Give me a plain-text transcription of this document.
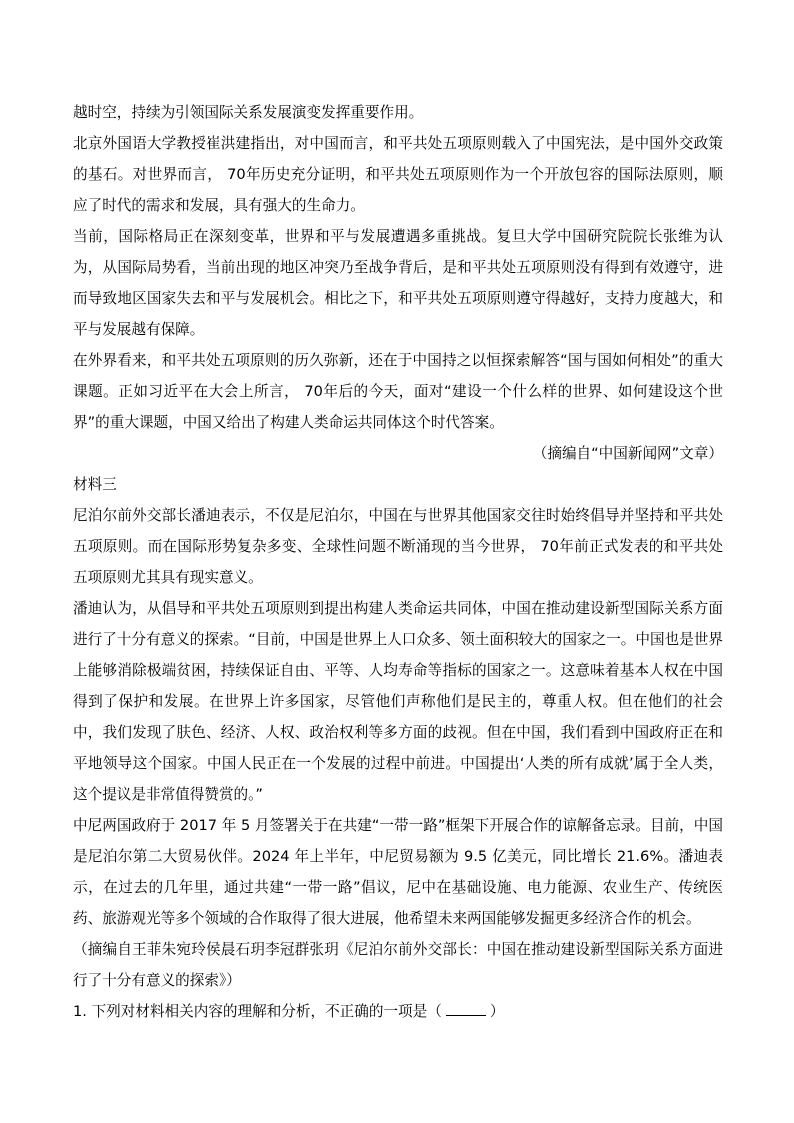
越时空，持续为引领国际关系发展演变发挥重要作用。

北京外国语大学教授崔洪建指出，对中国而言，和平共处五项原则载入了中国宪法，是中国外交政策的基石。对世界而言， 70年历史充分证明，和平共处五项原则作为一个开放包容的国际法原则，顺应了时代的需求和发展，具有强大的生命力。

当前，国际格局正在深刻变革，世界和平与发展遭遇多重挑战。复旦大学中国研究院院长张维为认为，从国际局势看，当前出现的地区冲突乃至战争背后，是和平共处五项原则没有得到有效遵守，进而导致地区国家失去和平与发展机会。相比之下，和平共处五项原则遵守得越好，支持力度越大，和平与发展越有保障。

在外界看来，和平共处五项原则的历久弥新，还在于中国持之以恒探索解答“国与国如何相处”的重大课题。正如习近平在大会上所言， 70年后的今天，面对“建设一个什么样的世界、如何建设这个世界”的重大课题，中国又给出了构建人类命运共同体这个时代答案。

（摘编自“中国新闻网”文章）

材料三

尼泊尔前外交部长潘迪表示，不仅是尼泊尔，中国在与世界其他国家交往时始终倡导并坚持和平共处五项原则。而在国际形势复杂多变、全球性问题不断涌现的当今世界， 70年前正式发表的和平共处五项原则尤其具有现实意义。

潘迪认为，从倡导和平共处五项原则到提出构建人类命运共同体，中国在推动建设新型国际关系方面进行了十分有意义的探索。“目前，中国是世界上人口众多、领土面积较大的国家之一。中国也是世界上能够消除极端贫困，持续保证自由、平等、人均寿命等指标的国家之一。这意味着基本人权在中国得到了保护和发展。在世界上许多国家，尽管他们声称他们是民主的，尊重人权。但在他们的社会中，我们发现了肤色、经济、人权、政治权利等多方面的歧视。但在中国，我们看到中国政府正在和平地领导这个国家。中国人民正在一个发展的过程中前进。中国提出‘人类的所有成就’属于全人类，这个提议是非常值得赞赏的。”

中尼两国政府于 2017 年 5 月签署关于在共建“一带一路”框架下开展合作的谅解备忘录。目前，中国是尼泊尔第二大贸易伙伴。2024 年上半年，中尼贸易额为 9.5 亿美元，同比增长 21.6%。潘迪表示，在过去的几年里，通过共建“一带一路”倡议，尼中在基础设施、电力能源、农业生产、传统医药、旅游观光等多个领域的合作取得了很大进展，他希望未来两国能够发掘更多经济合作的机会。

（摘编自王菲朱宛玲侯晨石玥李冠群张玥《尼泊尔前外交部长：中国在推动建设新型国际关系方面进行了十分有意义的探索》）

1. 下列对材料相关内容的理解和分析，不正确的一项是（	）
